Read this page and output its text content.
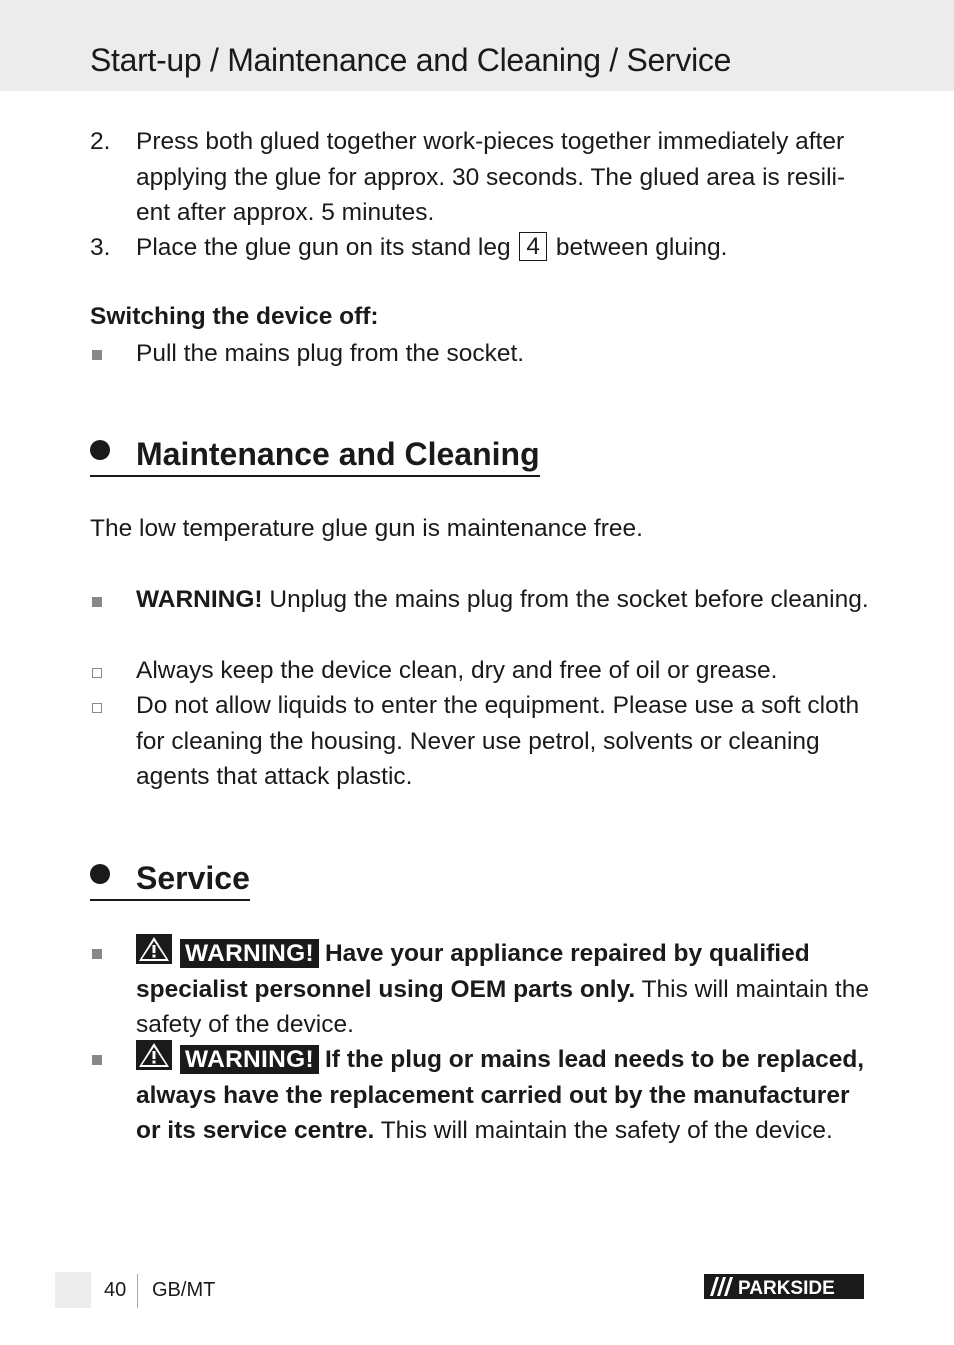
Start-up / Maintenance and Cleaning / Service
2. Press both glued together work-pieces together immediately after applying the glue for approx. 30 seconds. The glued area is resili-ent after approx. 5 minutes.
3. Place the glue gun on its stand leg 4 between gluing.
Switching the device off:
Pull the mains plug from the socket.
Maintenance and Cleaning
The low temperature glue gun is maintenance free.
WARNING! Unplug the mains plug from the socket before cleaning.
Always keep the device clean, dry and free of oil or grease.
Do not allow liquids to enter the equipment. Please use a soft cloth for cleaning the housing. Never use petrol, solvents or cleaning agents that attack plastic.
Service
WARNING! Have your appliance repaired by qualified specialist personnel using OEM parts only. This will maintain the safety of the device.
WARNING! If the plug or mains lead needs to be replaced, always have the replacement carried out by the manufacturer or its service centre. This will maintain the safety of the device.
40 GB/MT	PARKSIDE
